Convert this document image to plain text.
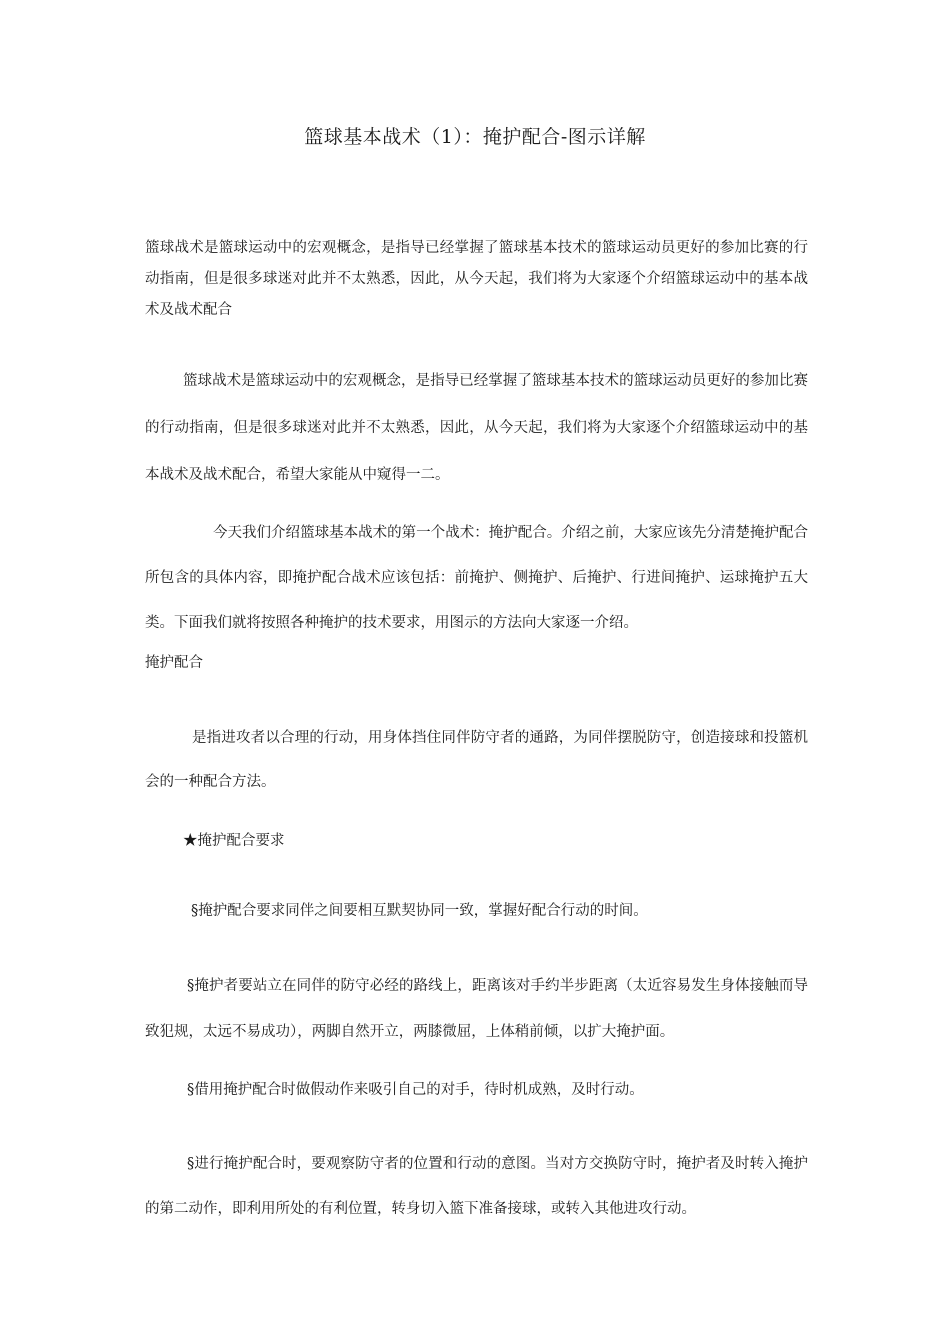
篮球基本战术（1）：掩护配合-图示详解

篮球战术是篮球运动中的宏观概念，是指导已经掌握了篮球基本技术的篮球运动员更好的参加比赛的行动指南，但是很多球迷对此并不太熟悉，因此，从今天起，我们将为大家逐个介绍篮球运动中的基本战术及战术配合

篮球战术是篮球运动中的宏观概念，是指导已经掌握了篮球基本技术的篮球运动员更好的参加比赛的行动指南，但是很多球迷对此并不太熟悉，因此，从今天起，我们将为大家逐个介绍篮球运动中的基本战术及战术配合，希望大家能从中窥得一二。

今天我们介绍篮球基本战术的第一个战术：掩护配合。介绍之前，大家应该先分清楚掩护配合所包含的具体内容，即掩护配合战术应该包括：前掩护、侧掩护、后掩护、行进间掩护、运球掩护五大类。下面我们就将按照各种掩护的技术要求，用图示的方法向大家逐一介绍。

掩护配合

是指进攻者以合理的行动，用身体挡住同伴防守者的通路，为同伴摆脱防守，创造接球和投篮机会的一种配合方法。

★掩护配合要求

§掩护配合要求同伴之间要相互默契协同一致，掌握好配合行动的时间。

§掩护者要站立在同伴的防守必经的路线上，距离该对手约半步距离（太近容易发生身体接触而导致犯规，太远不易成功），两脚自然开立，两膝微屈，上体稍前倾，以扩大掩护面。

§借用掩护配合时做假动作来吸引自己的对手，待时机成熟，及时行动。

§进行掩护配合时，要观察防守者的位置和行动的意图。当对方交换防守时，掩护者及时转入掩护的第二动作，即利用所处的有利位置，转身切入篮下准备接球，或转入其他进攻行动。
